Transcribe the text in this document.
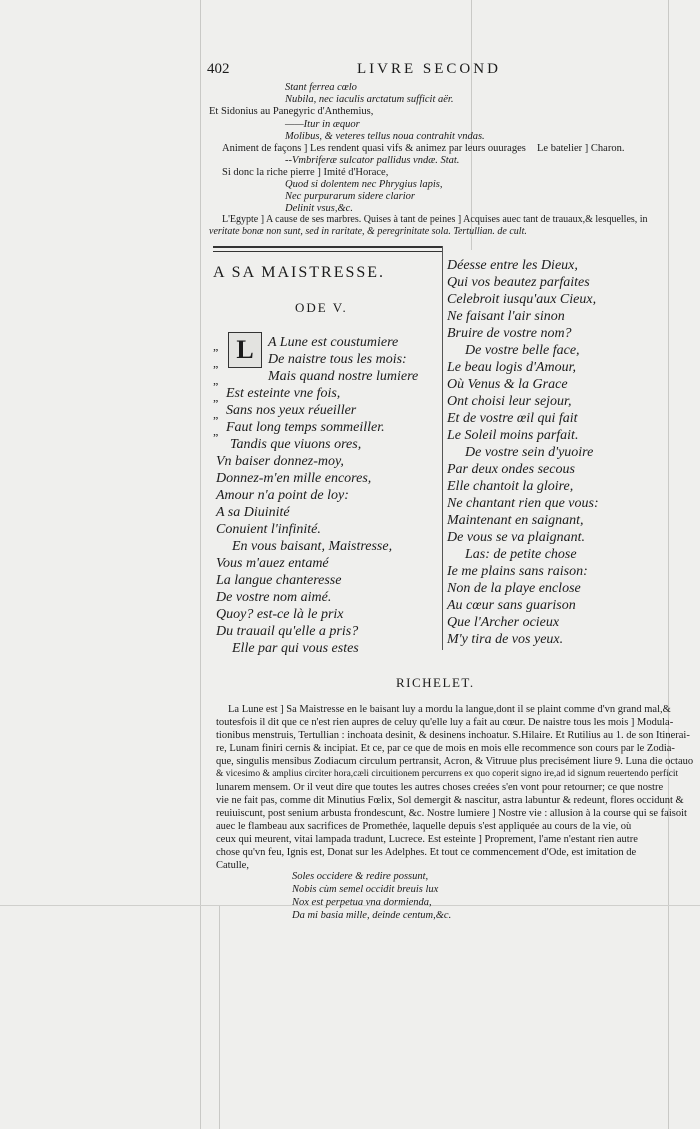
402	LIVRE SECOND
Stant ferrea cœlo
Nubila, nec iaculis arctatum sufficit aër.
Et Sidonius au Panegyric d'Anthemius,
——Itur in æquor
Molibus, & veteres tellus noua contrahit vndas.
Animent de façons ] Les rendent quasi vifs & animez par leurs ouurages Le batelier ] Charon.
--Vmbriferæ sulcator pallidus vndæ. Stat.
Si donc la riche pierre ] Imité d'Horace,
Quod si dolentem nec Phrygius lapis,
Nec purpurarum sidere clarior
Delinit vsus,&c.
L'Egypte ] A cause de ses marbres. Quises à tant de peines ] Acquises auec tant de trauaux,& lesquelles, in
veritate bonæ non sunt, sed in raritate, & peregrinitate sola. Tertullian. de cult.
A SA MAISTRESSE.
ODE V.
L
„	A Lune est coustumiere
„	De naistre tous les mois:
„	Mais quand nostre lumiere
„ Est esteinte vne fois,
„ Sans nos yeux réueiller
„ Faut long temps sommeiller.
Tandis que viuons ores,
Vn baiser donnez-moy,
Donnez-m'en mille encores,
Amour n'a point de loy:
A sa Diuinité
Conuient l'infinité.
En vous baisant, Maistresse,
Vous m'auez entamé
La langue chanteresse
De vostre nom aimé.
Quoy? est-ce là le prix
Du trauail qu'elle a pris?
Elle par qui vous estes
Déesse entre les Dieux,
Qui vos beautez parfaites
Celebroit iusqu'aux Cieux,
Ne faisant l'air sinon
Bruire de vostre nom?
De vostre belle face,
Le beau logis d'Amour,
Où Venus & la Grace
Ont choisi leur sejour,
Et de vostre œil qui fait
Le Soleil moins parfait.
De vostre sein d'yuoire
Par deux ondes secous
Elle chantoit la gloire,
Ne chantant rien que vous:
Maintenant en saignant,
De vous se va plaignant.
Las: de petite chose
Ie me plains sans raison:
Non de la playe enclose
Au cœur sans guarison
Que l'Archer ocieux
M'y tira de vos yeux.
RICHELET.
La Lune est ] Sa Maistresse en le baisant luy a mordu la langue,dont il se plaint comme d'vn grand mal,&
toutesfois il dit que ce n'est rien aupres de celuy qu'elle luy a fait au cœur. De naistre tous les mois ] Modula-
tionibus menstruis, Tertullian : inchoata desinit, & desinens inchoatur. S.Hilaire. Et Rutilius au 1. de son Itinerai-
re, Lunam finiri cernis & incipiat. Et ce, par ce que de mois en mois elle recommence son cours par le Zodia-
que, singulis mensibus Zodiacum circulum pertransit, Acron, & Vitruue plus precisément liure 9. Luna die octauo
& vicesimo & amplius circiter hora,cæli circuitionem percurrens ex quo coperit signo ire,ad id signum reuertendo perficit
lunarem mensem. Or il veut dire que toutes les autres choses creées s'en vont pour retourner; ce que nostre
vie ne fait pas, comme dit Minutius Fœlix, Sol demergit & nascitur, astra labuntur & redeunt, flores occidunt &
reuiuiscunt, post senium arbusta frondescunt, &c. Nostre lumiere ] Nostre vie : allusion à la course qui se faisoit
auec le flambeau aux sacrifices de Promethée, laquelle depuis s'est appliquée au cours de la vie, où
ceux qui meurent, vitai lampada tradunt, Lucrece. Est esteinte ] Proprement, l'ame n'estant rien autre
chose qu'vn feu, Ignis est, Donat sur les Adelphes. Et tout ce commencement d'Ode, est imitation de
Catulle,
Soles occidere & redire possunt,
Nobis cùm semel occidit breuis lux
Nox est perpetua vna dormienda,
Da mi basia mille, deinde centum,&c.
